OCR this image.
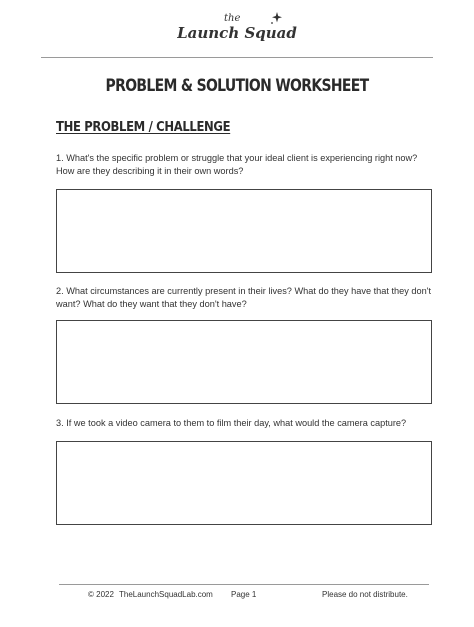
the
Launch Squad
PROBLEM & SOLUTION WORKSHEET
THE PROBLEM / CHALLENGE
1. What's the specific problem or struggle that your ideal client is experiencing right now? How are they describing it in their own words?
2. What circumstances are currently present in their lives? What do they have that they don't want? What do they want that they don't have?
3. If we took a video camera to them to film their day, what would the camera capture?
© 2022 TheLaunchSquadLab.com Page 1	Please do not distribute.
